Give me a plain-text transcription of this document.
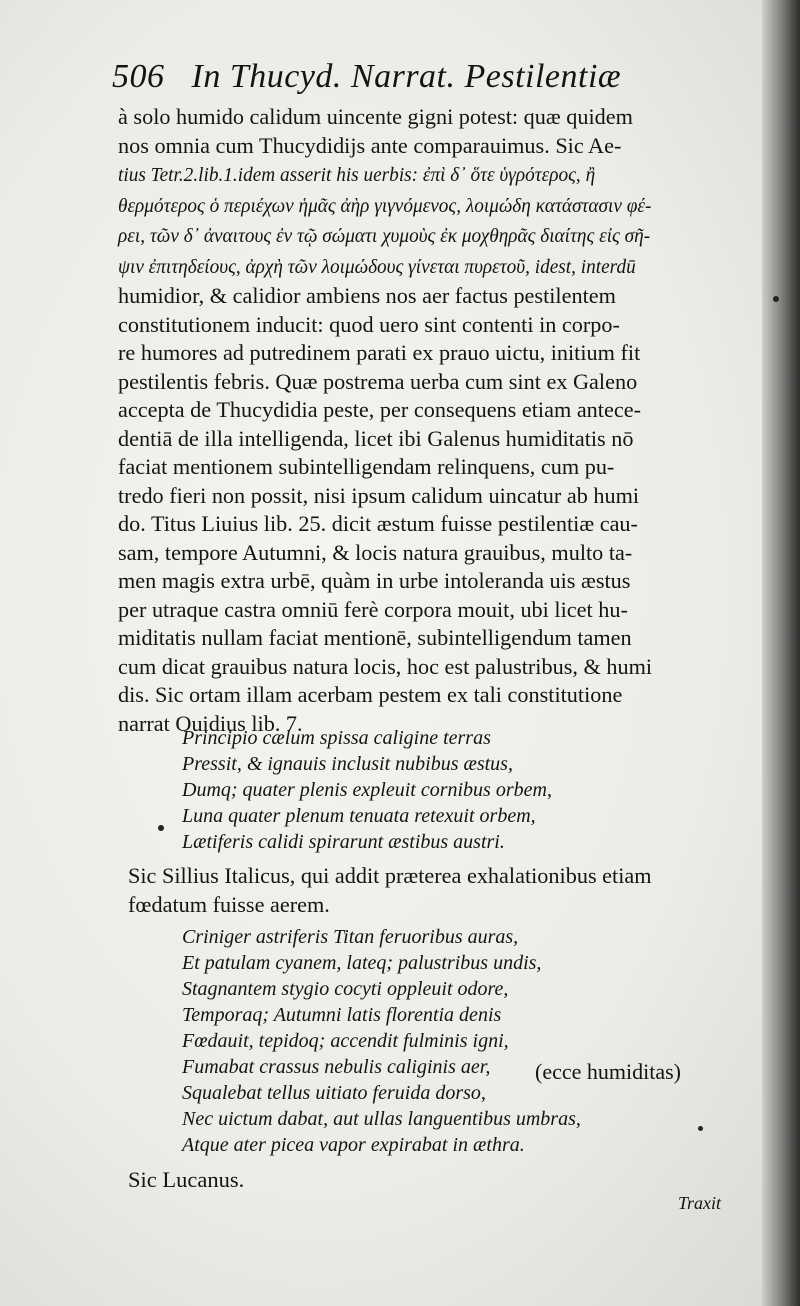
506 In Thucyd. Narrat. Pestilentiæ
à solo humido calidum uincente gigni potest: quæ quidemnos omnia cum Thucydidijs ante comparauimus. Sic Ae-tius Tetr.2.lib.1.idem asserit his uerbis: ἐπὶ δ᾽ ὅτε ὑγρότερος, ἢθερμότερος ὁ περιέχων ἡμᾶς ἀὴρ γιγνόμενος, λοιμώδη κατάστασιν φέ-ρει, τῶν δ᾽ ἀναιτους ἐν τῷ σώματι χυμοὺς ἐκ μοχθηρᾶς διαίτης εἰς σῆ-ψιν ἐπιτηδείους, ἀρχὴ τῶν λοιμώδους γίνεται πυρετοῦ, idest, interdūhumidior, & calidior ambiens nos aer factus pestilentemconstitutionem inducit: quod uero sint contenti in corpo-re humores ad putredinem parati ex prauo uictu, initium fitpestilentis febris. Quæ postrema uerba cum sint ex Galenoaccepta de Thucydidia peste, per consequens etiam antece-dentiā de illa intelligenda, licet ibi Galenus humiditatis nōfaciat mentionem subintelligendam relinquens, cum pu-tredo fieri non possit, nisi ipsum calidum uincatur ab humido. Titus Liuius lib. 25. dicit æstum fuisse pestilentiæ cau-sam, tempore Autumni, & locis natura grauibus, multo ta-men magis extra urbē, quàm in urbe intoleranda uis æstusper utraque castra omniū ferè corpora mouit, ubi licet hu-miditatis nullam faciat mentionē, subintelligendum tamencum dicat grauibus natura locis, hoc est palustribus, & humidis. Sic ortam illam acerbam pestem ex tali constitutionenarrat Ouidius lib. 7.
Principio cælum spissa caligine terras
Pressit, & ignauis inclusit nubibus æstus,
Dumq; quater plenis expleuit cornibus orbem,
Luna quater plenum tenuata retexuit orbem,
Lætiferis calidi spirarunt æstibus austri.
Sic Sillius Italicus, qui addit præterea exhalationibus etiamfœdatum fuisse aerem.
Criniger astriferis Titan feruoribus auras,
Et patulam cyanem, lateq; palustribus undis,
Stagnantem stygio cocyti oppleuit odore,
Temporaq; Autumni latis florentia denis
Fœdauit, tepidoq; accendit fulminis igni,
Fumabat crassus nebulis caliginis aer,
Squalebat tellus uitiato feruida dorso,
Nec uictum dabat, aut ullas languentibus umbras,
Atque ater picea vapor expirabat in æthra.
(ecce humiditas)
Sic Lucanus.
Traxit
